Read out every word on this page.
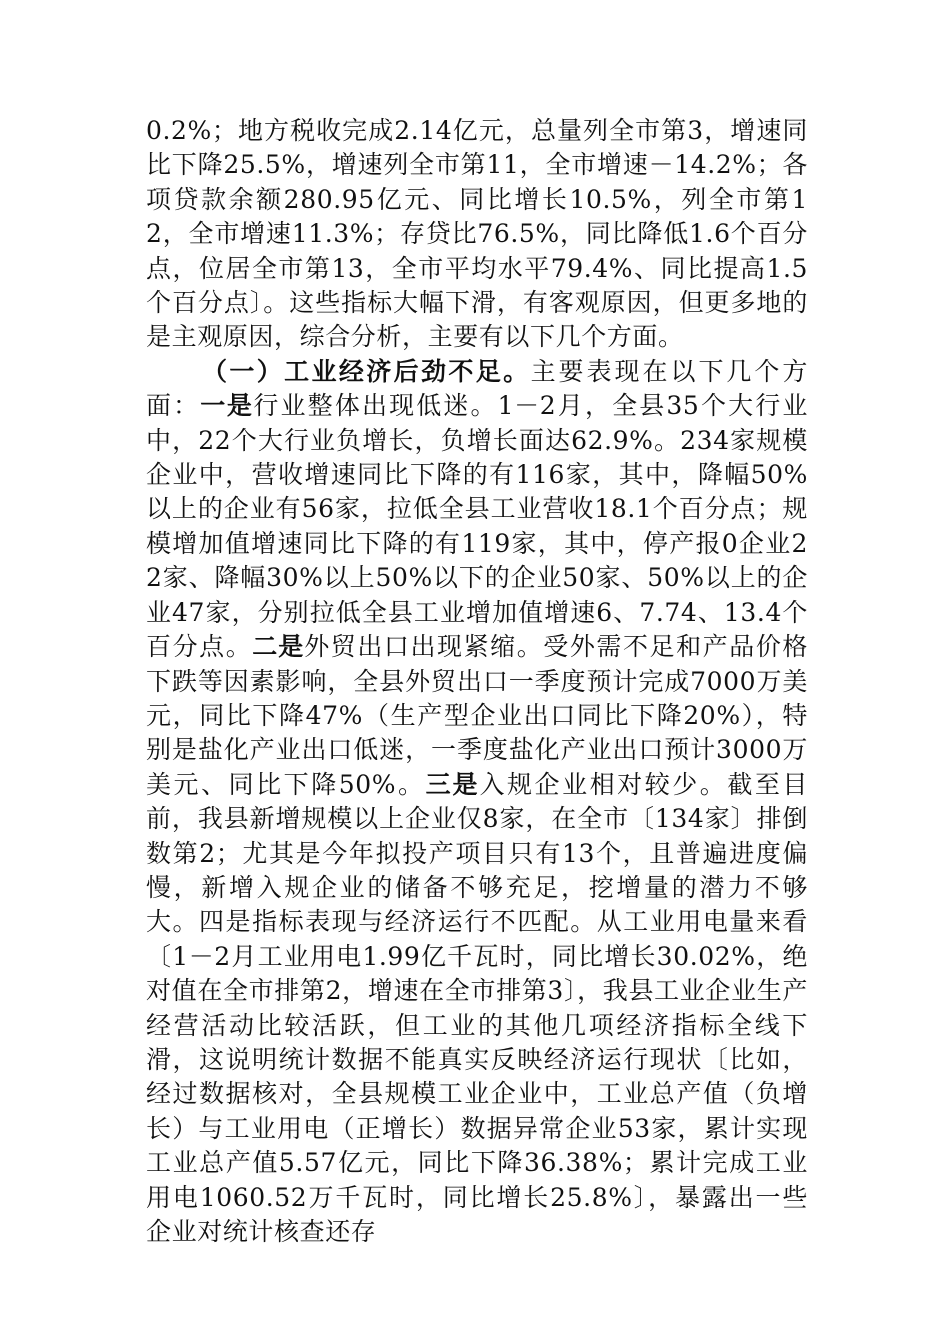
0.2%；地方税收完成2.14亿元，总量列全市第3，增速同比下降25.5%，增速列全市第11，全市增速－14.2%；各项贷款余额280.95亿元、同比增长10.5%，列全市第12，全市增速11.3%；存贷比76.5%，同比降低1.6个百分点，位居全市第13，全市平均水平79.4%、同比提高1.5个百分点〕。这些指标大幅下滑，有客观原因，但更多地的是主观原因，综合分析，主要有以下几个方面。

（一）工业经济后劲不足。主要表现在以下几个方面：一是行业整体出现低迷。1－2月，全县35个大行业中，22个大行业负增长，负增长面达62.9%。234家规模企业中，营收增速同比下降的有116家，其中，降幅50%以上的企业有56家，拉低全县工业营收18.1个百分点；规模增加值增速同比下降的有119家，其中，停产报0企业22家、降幅30%以上50%以下的企业50家、50%以上的企业47家，分别拉低全县工业增加值增速6、7.74、13.4个百分点。二是外贸出口出现紧缩。受外需不足和产品价格下跌等因素影响，全县外贸出口一季度预计完成7000万美元，同比下降47%（生产型企业出口同比下降20%），特别是盐化产业出口低迷，一季度盐化产业出口预计3000万美元、同比下降50%。三是入规企业相对较少。截至目前，我县新增规模以上企业仅8家，在全市〔134家〕排倒数第2；尤其是今年拟投产项目只有13个，且普遍进度偏慢，新增入规企业的储备不够充足，挖增量的潜力不够大。四是指标表现与经济运行不匹配。从工业用电量来看〔1－2月工业用电1.99亿千瓦时，同比增长30.02%，绝对值在全市排第2，增速在全市排第3〕，我县工业企业生产经营活动比较活跃，但工业的其他几项经济指标全线下滑，这说明统计数据不能真实反映经济运行现状〔比如，经过数据核对，全县规模工业企业中，工业总产值（负增长）与工业用电（正增长）数据异常企业53家，累计实现工业总产值5.57亿元，同比下降36.38%；累计完成工业用电1060.52万千瓦时，同比增长25.8%〕，暴露出一些企业对统计核查还存
